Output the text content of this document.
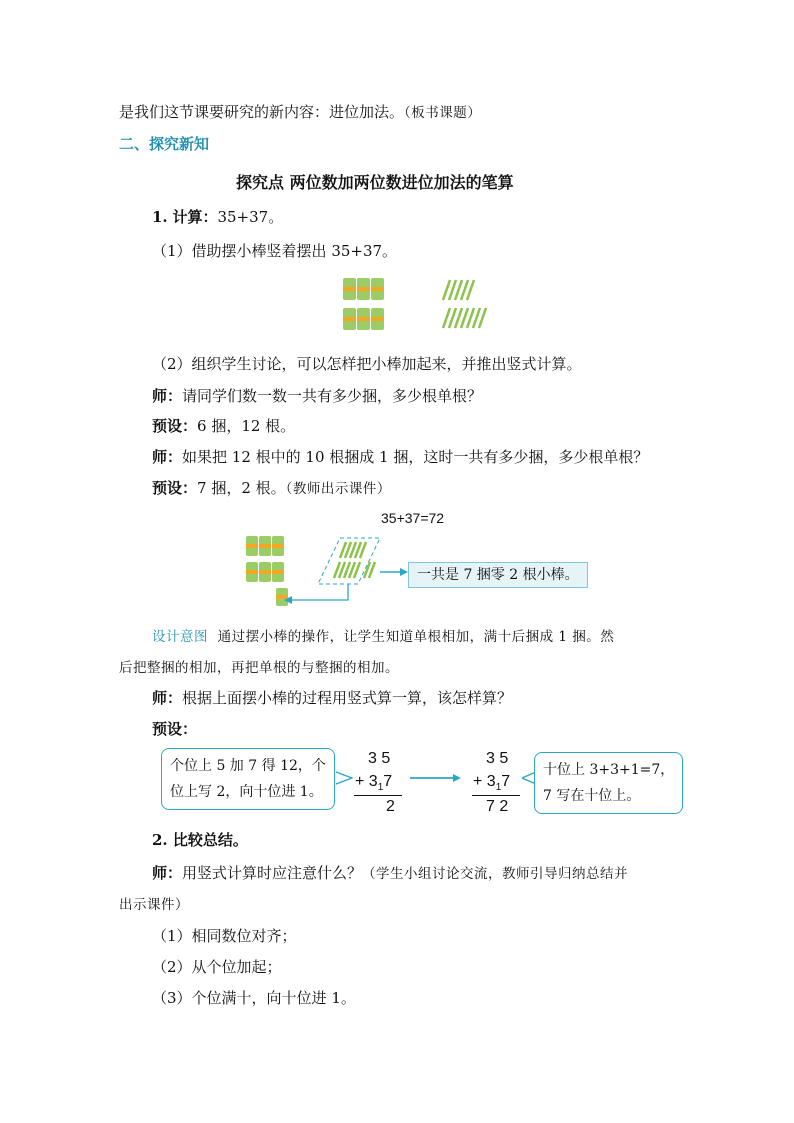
是我们这节课要研究的新内容：进位加法。（板书课题）
二、探究新知
探究点 两位数加两位数进位加法的笔算
1. 计算：35+37。
（1）借助摆小棒竖着摆出 35+37。
（2）组织学生讨论，可以怎样把小棒加起来，并推出竖式计算。
师：请同学们数一数一共有多少捆，多少根单根？
预设：6 捆，12 根。
师：如果把 12 根中的 10 根捆成 1 捆，这时一共有多少捆，多少根单根？
预设：7 捆，2 根。（教师出示课件）
35+37=72
一共是 7 捆零 2 根小棒。
设计意图 通过摆小棒的操作，让学生知道单根相加，满十后捆成 1 捆。然
后把整捆的相加，再把单根的与整捆的相加。
师：根据上面摆小棒的过程用竖式算一算，该怎样算？
预设：
个位上 5 加 7 得 12，个
位上写 2，向十位进 1。
3 5
+ $3_17$
2
3 5
+ $3_17$
7 2
十位上 3+3+1=7，
7 写在十位上。
2. 比较总结。
师：用竖式计算时应注意什么？（学生小组讨论交流，教师引导归纳总结并
出示课件）
（1）相同数位对齐；
（2）从个位加起；
（3）个位满十，向十位进 1。
